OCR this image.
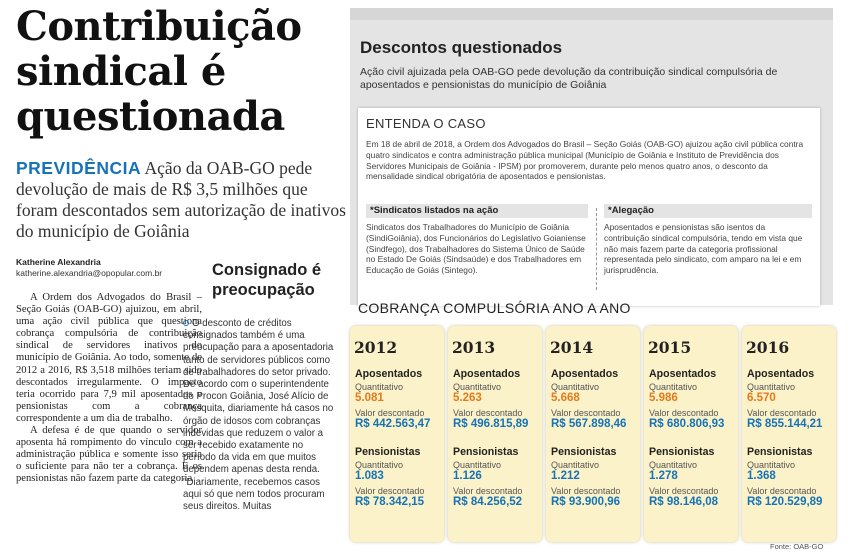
Contribuição
sindical é
questionada
PREVIDÊNCIA Ação da OAB-GO pede devolução de mais de R$ 3,5 milhões que foram descontados sem autorização de inativos do município de Goiânia
Katherine Alexandria
katherine.alexandria@opopular.com.br

A Ordem dos Advogados do Brasil – Seção Goiás (OAB-GO) ajuizou, em abril, uma ação civil pública que questiona cobrança compulsória de contribuição sindical de servidores inativos do município de Goiânia. Ao todo, somente de 2012 a 2016, R$ 3,518 milhões teriam sido descontados irregularmente. O impacto teria ocorrido para 7,9 mil aposentados e pensionistas com a cobrança correspondente a um dia de trabalho.

A defesa é de que quando o servidor aposenta há rompimento do vínculo com a administração pública e somente isso seria o suficiente para não ter a cobrança. E os pensionistas não fazem parte da categoria

Consignado é preocupação

O desconto de créditos consignados também é uma preocupação para a aposentadoria tanto de servidores públicos como de trabalhadores do setor privado. De acordo com o superintendente do Procon Goiânia, José Alício de Mesquita, diariamente há casos no órgão de idosos com cobranças indevidas que reduzem o valor a ser recebido exatamente no período da vida em que muitos dependem apenas desta renda. "Diariamente, recebemos casos aqui só que nem todos procuram seus direitos. Muitas

Descontos questionados
Ação civil ajuizada pela OAB-GO pede devolução da contribuição sindical compulsória de aposentados e pensionistas do município de Goiânia
ENTENDA O CASO
Em 18 de abril de 2018, a Ordem dos Advogados do Brasil – Seção Goiás (OAB-GO) ajuizou ação civil pública contra quatro sindicatos e contra administração pública municipal (Município de Goiânia e Instituto de Previdência dos Servidores Municipais de Goiânia - IPSM) por promoverem, durante pelo menos quatro anos, o desconto da mensalidade sindical obrigatória de aposentados e pensionistas.
*Sindicatos listados na ação
Sindicatos dos Trabalhadores do Município de Goiânia (SindiGoiânia), dos Funcionários do Legislativo Goianiense (Sindfego), dos Trabalhadores do Sistema Único de Saúde no Estado De Goiás (Sindsaúde) e dos Trabalhadores em Educação de Goiás (Sintego).
*Alegação
Aposentados e pensionistas são isentos da contribuição sindical compulsória, tendo em vista que não mais fazem parte da categoria profissional representada pelo sindicato, com amparo na lei e em jurisprudência.
COBRANÇA COMPULSÓRIA ANO A ANO
2012
Aposentados
Quantitativo
5.081
Valor descontado
R$ 442.563,47
Pensionistas
Quantitativo
1.083
Valor descontado
R$ 78.342,15
2013
Aposentados
Quantitativo
5.263
Valor descontado
R$ 496.815,89
Pensionistas
Quantitativo
1.126
Valor descontado
R$ 84.256,52
2014
Aposentados
Quantitativo
5.668
Valor descontado
R$ 567.898,46
Pensionistas
Quantitativo
1.212
Valor descontado
R$ 93.900,96
2015
Aposentados
Quantitativo
5.986
Valor descontado
R$ 680.806,93
Pensionistas
Quantitativo
1.278
Valor descontado
R$ 98.146,08
2016
Aposentados
Quantitativo
6.570
Valor descontado
R$ 855.144,21
Pensionistas
Quantitativo
1.368
Valor descontado
R$ 120.529,89
Fonte: OAB-GO
